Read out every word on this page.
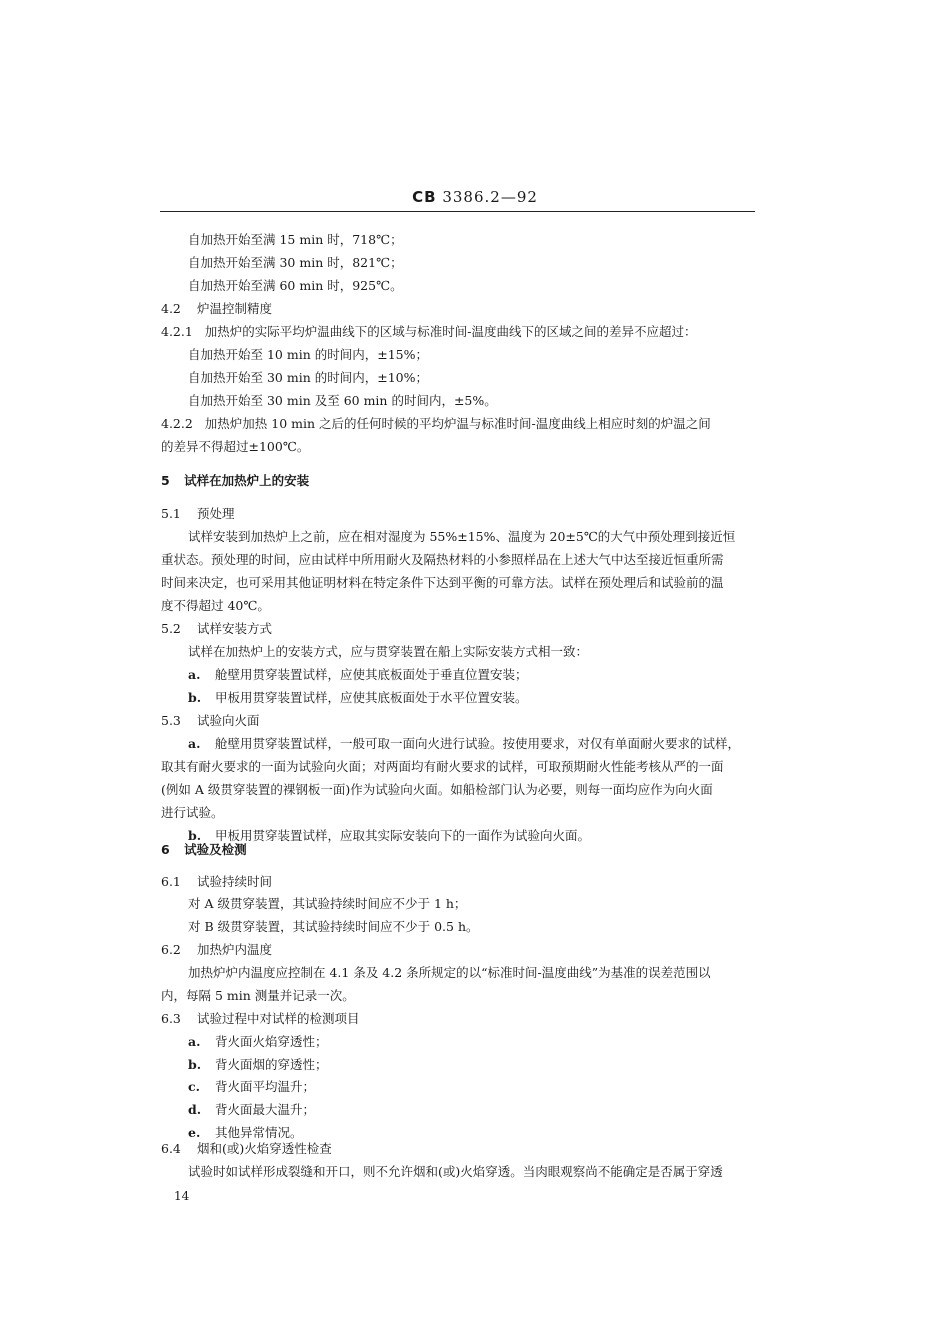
CB 3386.2—92
自加热开始至满 15 min 时，718℃；
自加热开始至满 30 min 时，821℃；
自加热开始至满 60 min 时，925℃。
4.2 炉温控制精度
4.2.1 加热炉的实际平均炉温曲线下的区域与标准时间-温度曲线下的区域之间的差异不应超过：
自加热开始至 10 min 的时间内，±15%；
自加热开始至 30 min 的时间内，±10%；
自加热开始至 30 min 及至 60 min 的时间内，±5%。
4.2.2 加热炉加热 10 min 之后的任何时候的平均炉温与标准时间-温度曲线上相应时刻的炉温之间
的差异不得超过±100℃。
5 试样在加热炉上的安装
5.1 预处理
试样安装到加热炉上之前，应在相对湿度为 55%±15%、温度为 20±5℃的大气中预处理到接近恒
重状态。预处理的时间，应由试样中所用耐火及隔热材料的小参照样品在上述大气中达至接近恒重所需
时间来决定，也可采用其他证明材料在特定条件下达到平衡的可靠方法。试样在预处理后和试验前的温
度不得超过 40℃。
5.2 试样安装方式
试样在加热炉上的安装方式，应与贯穿装置在船上实际安装方式相一致：
a. 舱壁用贯穿装置试样，应使其底板面处于垂直位置安装；
b. 甲板用贯穿装置试样，应使其底板面处于水平位置安装。
5.3 试验向火面
a. 舱壁用贯穿装置试样，一般可取一面向火进行试验。按使用要求，对仅有单面耐火要求的试样，
取其有耐火要求的一面为试验向火面；对两面均有耐火要求的试样，可取预期耐火性能考核从严的一面
(例如 A 级贯穿装置的裸钢板一面)作为试验向火面。如船检部门认为必要，则每一面均应作为向火面
进行试验。
b. 甲板用贯穿装置试样，应取其实际安装向下的一面作为试验向火面。
6 试验及检测
6.1 试验持续时间
对 A 级贯穿装置，其试验持续时间应不少于 1 h；
对 B 级贯穿装置，其试验持续时间应不少于 0.5 h。
6.2 加热炉内温度
加热炉炉内温度应控制在 4.1 条及 4.2 条所规定的以“标准时间-温度曲线”为基准的误差范围以
内，每隔 5 min 测量并记录一次。
6.3 试验过程中对试样的检测项目
a. 背火面火焰穿透性；
b. 背火面烟的穿透性；
c. 背火面平均温升；
d. 背火面最大温升；
e. 其他异常情况。
6.4 烟和(或)火焰穿透性检查
试验时如试样形成裂缝和开口，则不允许烟和(或)火焰穿透。当肉眼观察尚不能确定是否属于穿透
14
